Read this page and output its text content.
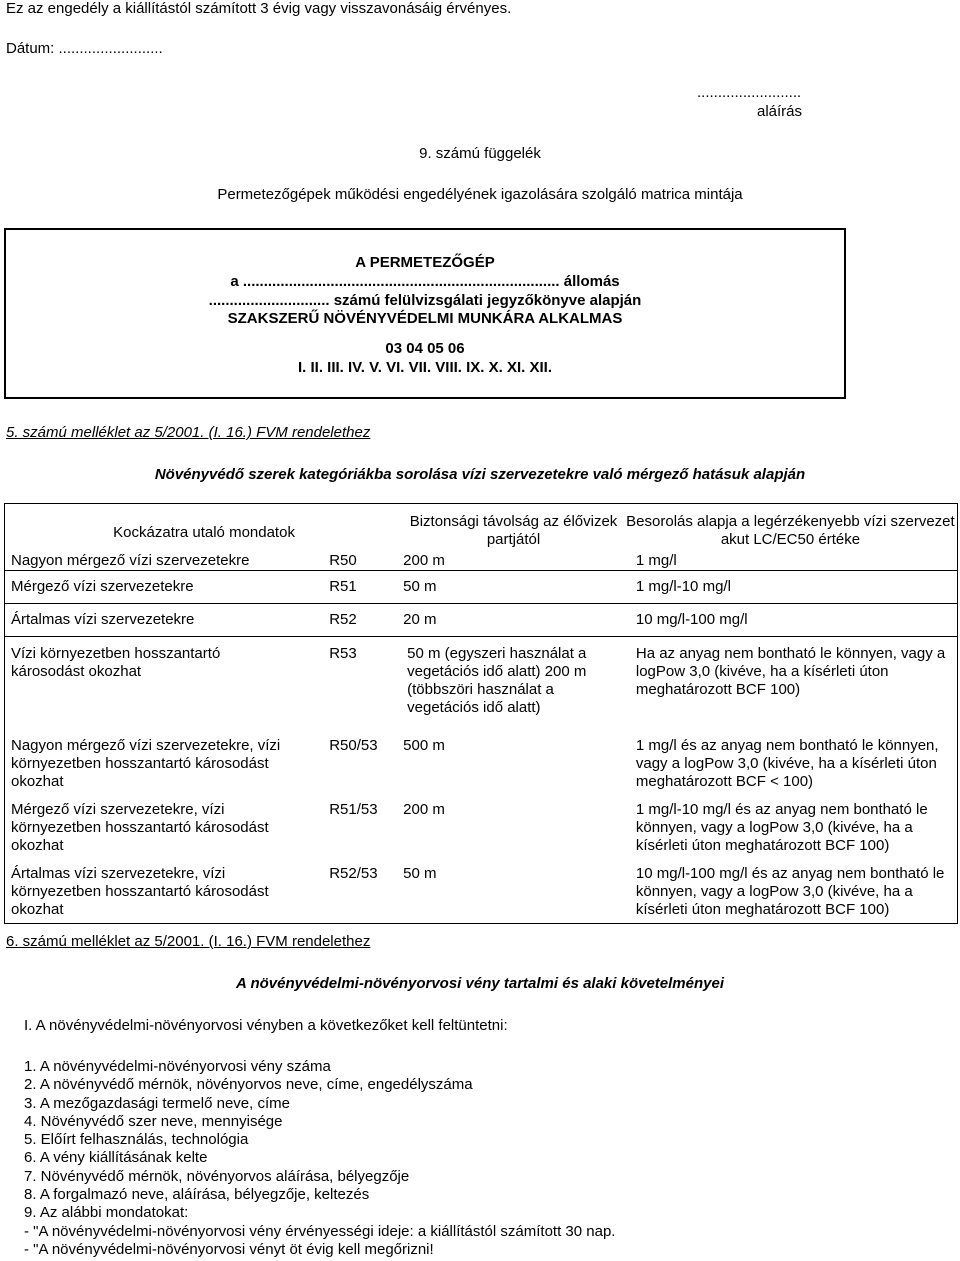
Ez az engedély a kiállítástól számított 3 évig vagy visszavonásáig érvényes.
Dátum: .........................
.........................
aláírás
9. számú függelék
Permetezőgépek működési engedélyének igazolására szolgáló matrica mintája
A PERMETEZŐGÉP
a ............................................................................ állomás
............................. számú felülvizsgálati jegyzőkönyve alapján
SZAKSZERŰ NÖVÉNYVÉDELMI MUNKÁRA ALKALMAS
03 04 05 06
I. II. III. IV. V. VI. VII. VIII. IX. X. XI. XII.
5. számú melléklet az 5/2001. (I. 16.) FVM rendelethez
Növényvédő szerek kategóriákba sorolása vízi szervezetekre való mérgező hatásuk alapján
Kockázatra utaló mondatok		Biztonsági távolság az élővizek partjától	Besorolás alapja a legérzékenyebb vízi szervezet akut LC/EC50 értéke
Nagyon mérgező vízi szervezetekre	R50	200 m	1 mg/l
Mérgező vízi szervezetekre	R51	50 m	1 mg/l-10 mg/l
Ártalmas vízi szervezetekre	R52	20 m	10 mg/l-100 mg/l
Vízi környezetben hosszantartó károsodást okozhat	R53	50 m (egyszeri használat a vegetációs idő alatt) 200 m (többszöri használat a vegetációs idő alatt)	Ha az anyag nem bontható le könnyen, vagy a logPow 3,0 (kivéve, ha a kísérleti úton meghatározott BCF 100)
Nagyon mérgező vízi szervezetekre, vízi környezetben hosszantartó károsodást okozhat	R50/53	500 m	1 mg/l és az anyag nem bontható le könnyen, vagy a logPow 3,0 (kivéve, ha a kísérleti úton meghatározott BCF < 100)
Mérgező vízi szervezetekre, vízi környezetben hosszantartó károsodást okozhat	R51/53	200 m	1 mg/l-10 mg/l és az anyag nem bontható le könnyen, vagy a logPow 3,0 (kivéve, ha a kísérleti úton meghatározott BCF 100)
Ártalmas vízi szervezetekre, vízi környezetben hosszantartó károsodást okozhat	R52/53	50 m	10 mg/l-100 mg/l és az anyag nem bontható le könnyen, vagy a logPow 3,0 (kivéve, ha a kísérleti úton meghatározott BCF 100)
6. számú melléklet az 5/2001. (I. 16.) FVM rendelethez
A növényvédelmi-növényorvosi vény tartalmi és alaki követelményei
I. A növényvédelmi-növényorvosi vényben a következőket kell feltüntetni:
1. A növényvédelmi-növényorvosi vény száma
2. A növényvédő mérnök, növényorvos neve, címe, engedélyszáma
3. A mezőgazdasági termelő neve, címe
4. Növényvédő szer neve, mennyisége
5. Előírt felhasználás, technológia
6. A vény kiállításának kelte
7. Növényvédő mérnök, növényorvos aláírása, bélyegzője
8. A forgalmazó neve, aláírása, bélyegzője, keltezés
9. Az alábbi mondatokat:
- "A növényvédelmi-növényorvosi vény érvényességi ideje: a kiállítástól számított 30 nap.
- "A növényvédelmi-növényorvosi vényt öt évig kell megőrizni!
